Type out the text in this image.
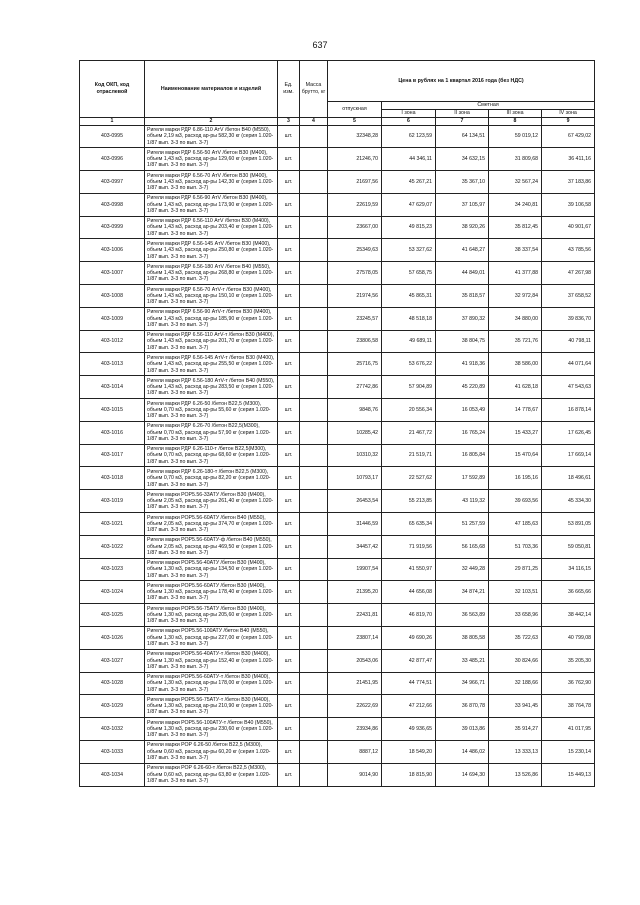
637
Код ОКП, код отраслевой	Наименование материалов и изделий	Ед. изм.	Масса брутто, кг	Цена в рублях на 1 квартал 2016 года (без НДС)				
				отпускная	Сметная			
					I зона	II зона	III зона	IV зона
1	2	3	4	5	6	7	8	9
403-0995	Ригели марки РДР 6.86-110 AтV /бетон В40 (М550), объем 2,19 м3, расход ар-ры 582,30 кг (серия 1.020-1/87 вып. 3-3 по вып. 3-7)	шт.		32348,28	62 123,59	64 134,51	59 019,12	67 429,02
403-0996	Ригели марки РДР 6.56-50 AтV /бетон В30 (М400), объем 1,43 м3, расход ар-ры 129,60 кг (серия 1.020-1/87 вып. 3-3 по вып. 3-7)	шт.		21246,70	44 346,11	34 632,15	31 809,68	36 411,16
403-0997	Ригели марки РДР 6.56-70 AтV /бетон В30 (М400), объем 1,43 м3, расход ар-ры 142,30 кг (серия 1.020-1/87 вып. 3-3 по вып. 3-7)	шт.		21697,56	45 267,21	35 367,10	32 567,24	37 183,86
403-0998	Ригели марки РДР 6.56-90 AтV /бетон В30 (М400), объем 1,43 м3, расход ар-ры 173,90 кг (серия 1.020-1/87 вып. 3-3 по вып. 3-7)	шт.		22619,59	47 629,07	37 105,97	34 240,81	39 106,58
403-0999	Ригели марки РДР 6.56-110 AтV /бетон В30 (М400), объем 1,43 м3, расход ар-ры 203,40 кг (серия 1.020-1/87 вып. 3-3 по вып. 3-7)	шт.		23667,00	49 815,23	38 920,26	35 812,45	40 901,67
403-1006	Ригели марки РДР 6.56-145 AтV /бетон В30 (М400), объем 1,43 м3, расход ар-ры 250,80 кг (серия 1.020-1/87 вып. 3-3 по вып. 3-7)	шт.		25349,63	53 327,62	41 648,27	38 337,54	43 785,56
403-1007	Ригели марки РДР 6.56-180 AтV /бетон В40 (М550), объем 1,43 м3, расход ар-ры 268,80 кг (серия 1.020-1/87 вып. 3-3 по вып. 3-7)	шт.		27578,05	57 658,75	44 849,01	41 377,88	47 267,98
403-1008	Ригели марки РДР 6.56-70 AтV-т /бетон В30 (М400), объем 1,43 м3, расход ар-ры 150,10 кг (серия 1.020-1/87 вып. 3-3 по вып. 3-7)	шт.		21974,56	45 865,31	35 818,57	32 972,84	37 658,52
403-1009	Ригели марки РДР 6.56-90 AтV-т /бетон В30 (М400), объем 1,43 м3, расход ар-ры 185,90 кг (серия 1.020-1/87 вып. 3-3 по вып. 3-7)	шт.		23245,57	48 518,18	37 890,32	34 880,00	39 836,70
403-1012	Ригели марки РДР 6.56-110 AтV-т /бетон В30 (М400), объем 1,43 м3, расход ар-ры 201,70 кг (серия 1.020-1/87 вып. 3-3 по вып. 3-7)	шт.		23806,58	49 689,11	38 804,75	35 721,76	40 798,11
403-1013	Ригели марки РДР 6.56-145 AтV-т /бетон В30 (М400), объем 1,43 м3, расход ар-ры 255,50 кг (серия 1.020-1/87 вып. 3-3 по вып. 3-7)	шт.		25716,75	53 676,22	41 918,36	38 586,00	44 071,64
403-1014	Ригели марки РДР 6.56-180 AтV-т /бетон В40 (М550), объем 1,43 м3, расход ар-ры 283,50 кг (серия 1.020-1/87 вып. 3-3 по вып. 3-7)	шт.		27742,86	57 904,89	45 220,89	41 628,18	47 543,63
403-1015	Ригели марки РДР 6.26-50 /бетон В22,5 (М300), объем 0,70 м3, расход ар-ры 55,60 кг (серия 1.020-1/87 вып. 3-3 по вып. 3-7)	шт.		9848,76	20 556,34	16 053,49	14 778,67	16 878,14
403-1016	Ригели марки РДР 6.26-70 /бетон В22,5(М300), объем 0,70 м3, расход ар-ры 57,90 кг (серия 1.020-1/87 вып. 3-3 по вып. 3-7)	шт.		10285,42	21 467,72	16 765,24	15 433,27	17 626,45
403-1017	Ригели марки РДР 6.26-110-т /бетон В22,5(М300), объем 0,70 м3, расход ар-ры 68,60 кг (серия 1.020-1/87 вып. 3-3 по вып. 3-7)	шт.		10310,32	21 519,71	16 805,84	15 470,64	17 669,14
403-1018	Ригели марки РДР 6.26-180-т /бетон В22,5 (М300), объем 0,70 м3, расход ар-ры 82,20 кг (серия 1.020-1/87 вып. 3-3 по вып. 3-7)	шт.		10793,17	22 527,62	17 592,89	16 195,16	18 496,61
403-1019	Ригели марки РОР5.56-33АТУ /бетон В30 (М400), объем 2,05 м3, расход ар-ры 261,40 кг (серия 1.020-1/87 вып. 3-3 по вып. 3-7)	шт.		26453,54	55 213,85	43 119,32	39 693,56	45 334,30
403-1021	Ригели марки РОР5.56-60АТУ /бетон В40 (М550), объем 2,05 м3, расход ар-ры 374,70 кг (серия 1.020-1/87 вып. 3-3 по вып. 3-7)	шт.		31446,59	65 635,34	51 257,59	47 185,63	53 891,05
403-1022	Ригели марки РОР5.56-60АТУ-ф /бетон В40 (М550), объем 2,05 м3, расход ар-ры 469,50 кг (серия 1.020-1/87 вып. 3-3 по вып. 3-7)	шт.		34457,42	71 919,56	56 165,68	51 703,36	59 050,81
403-1023	Ригели марки РОР5.56-40АТУ /бетон В30 (М400), объем 1,30 м3, расход ар-ры 134,50 кг (серия 1.020-1/87 вып. 3-3 по вып. 3-7)	шт.		19907,54	41 550,97	32 449,28	29 871,25	34 116,15
403-1024	Ригели марки РОР5.56-60АТУ /бетон В30 (М400), объем 1,30 м3, расход ар-ры 178,40 кг (серия 1.020-1/87 вып. 3-3 по вып. 3-7)	шт.		21395,20	44 656,08	34 874,21	32 103,51	36 665,66
403-1025	Ригели марки РОР5.56-75АТУ /бетон В30 (М400), объем 1,30 м3, расход ар-ры 205,60 кг (серия 1.020-1/87 вып. 3-3 по вып. 3-7)	шт.		22431,81	46 819,70	36 563,89	33 658,96	38 442,14
403-1026	Ригели марки РОР5.56-100АТУ /бетон В40 (М550), объем 1,30 м3, расход ар-ры 227,00 кг (серия 1.020-1/87 вып. 3-3 по вып. 3-7)	шт.		23807,14	49 690,26	38 805,58	35 722,63	40 799,08
403-1027	Ригели марки РОР5.56-40АТУ-т /бетон В30 (М400), объем 1,30 м3, расход ар-ры 152,40 кг (серия 1.020-1/87 вып. 3-3 по вып. 3-7)	шт.		20543,06	42 877,47	33 485,21	30 824,66	35 205,30
403-1028	Ригели марки РОР5.56-60АТУ-т /бетон В30 (М400), объем 1,30 м3, расход ар-ры 178,00 кг (серия 1.020-1/87 вып. 3-3 по вып. 3-7)	шт.		21451,95	44 774,51	34 966,71	32 188,66	36 762,90
403-1029	Ригели марки РОР5.56-75АТУ-т /бетон В30 (М400), объем 1,30 м3, расход ар-ры 210,90 кг (серия 1.020-1/87 вып. 3-3 по вып. 3-7)	шт.		22622,69	47 212,66	36 870,78	33 941,45	38 764,78
403-1032	Ригели марки РОР5.56-100АТУ-т /бетон В40 (М550), объем 1,30 м3, расход ар-ры 230,60 кг (серия 1.020-1/87 вып. 3-3 по вып. 3-7)	шт.		23934,86	49 936,65	39 013,86	35 914,27	41 017,95
403-1033	Ригели марки РОР 6.26-50 /бетон В22,5 (М300), объем 0,60 м3, расход ар-ры 60,20 кг (серия 1.020-1/87 вып. 3-3 по вып. 3-7)	шт.		8887,12	18 549,20	14 486,02	13 333,13	15 230,14
403-1034	Ригели марки РОР 6.26-60-т /бетон В22,5 (М300), объем 0,60 м3, расход ар-ры 63,80 кг (серия 1.020-1/87 вып. 3-3 по вып. 3-7)	шт.		9014,90	18 815,90	14 694,30	13 526,86	15 449,13
